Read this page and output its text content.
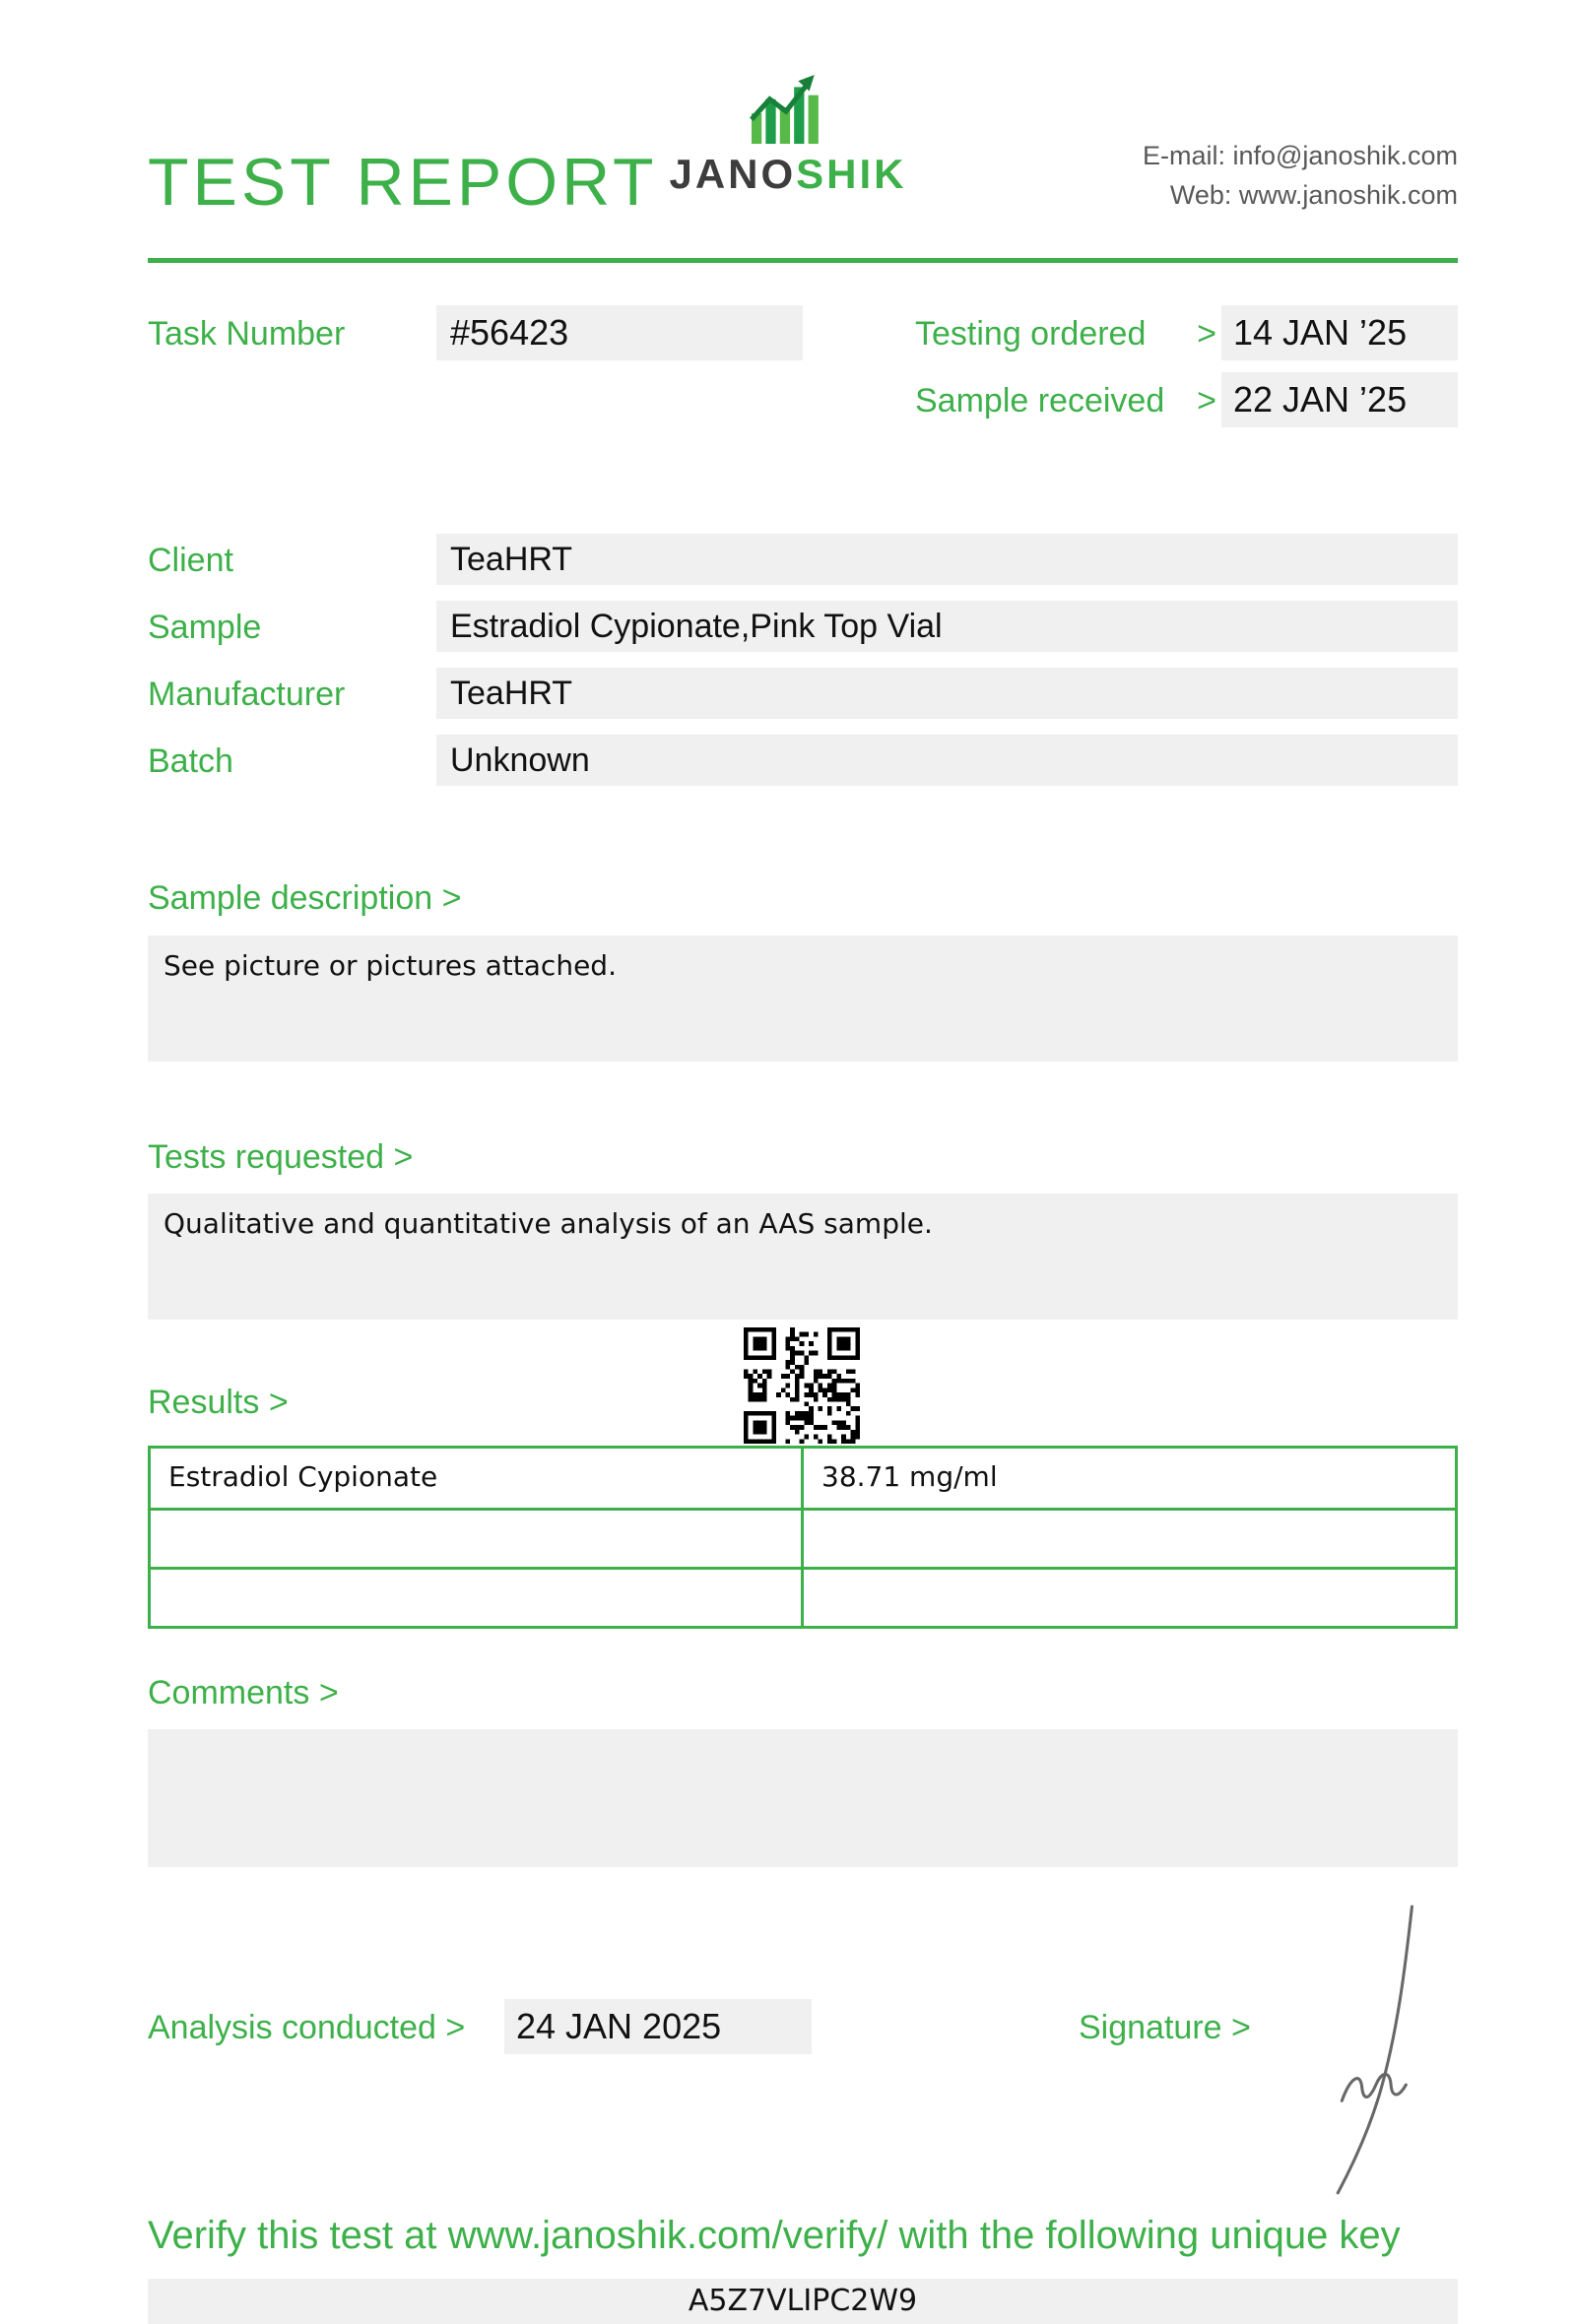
TEST REPORT JANOSHIK	E-mail: info@janoshik.com
Web: www.janoshik.com
Task Number	#56423	Testing ordered > 14 JAN ’25
Sample received > 22 JAN ’25
Client	TeaHRT
Sample	Estradiol Cypionate,Pink Top Vial
Manufacturer	TeaHRT
Batch	Unknown
Sample description >
See picture or pictures attached.
Tests requested >
Qualitative and quantitative analysis of an AAS sample.
Results >
Estradiol Cypionate	38.71 mg/ml
Comments >
Analysis conducted >	24 JAN 2025	Signature >
Verify this test at www.janoshik.com/verify/ with the following unique key
A5Z7VLIPC2W9
